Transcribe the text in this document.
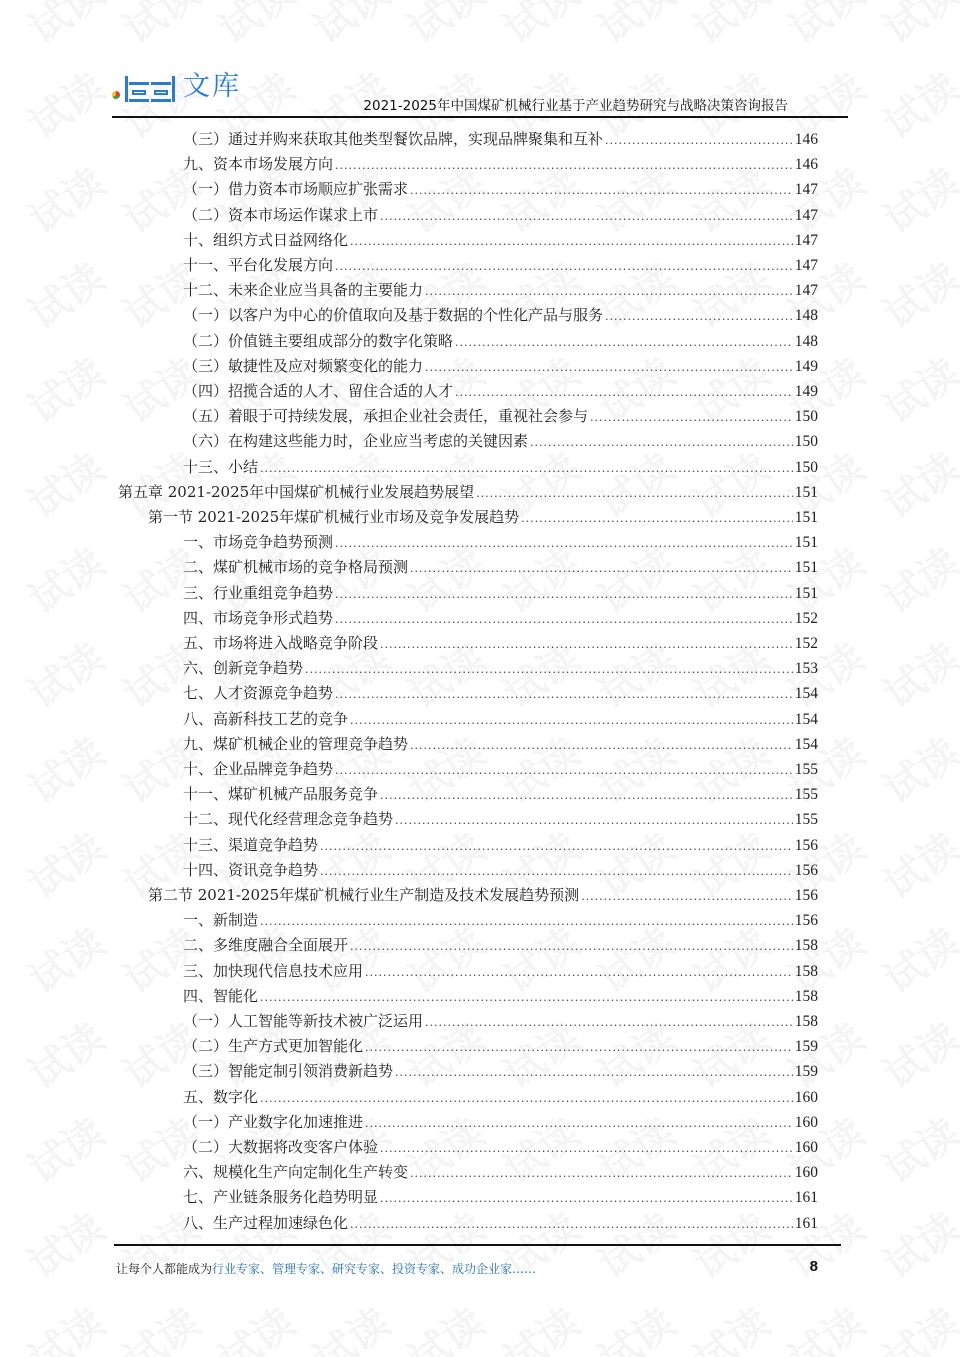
文库
2021-2025年中国煤矿机械行业基于产业趋势研究与战略决策咨询报告
（三）通过并购来获取其他类型餐饮品牌，实现品牌聚集和互补 .....	146
九、资本市场发展方向 .....	146
（一）借力资本市场顺应扩张需求 .....	147
（二）资本市场运作谋求上市 .....	147
十、组织方式日益网络化 .....	147
十一、平台化发展方向 .....	147
十二、未来企业应当具备的主要能力 .....	147
（一）以客户为中心的价值取向及基于数据的个性化产品与服务 .....	148
（二）价值链主要组成部分的数字化策略 .....	148
（三）敏捷性及应对频繁变化的能力 .....	149
（四）招揽合适的人才、留住合适的人才 .....	149
（五）着眼于可持续发展，承担企业社会责任，重视社会参与 .....	150
（六）在构建这些能力时，企业应当考虑的关键因素 .....	150
十三、小结 .....	150
第五章 2021-2025年中国煤矿机械行业发展趋势展望 .....	151
第一节 2021-2025年煤矿机械行业市场及竞争发展趋势 .....	151
一、市场竞争趋势预测 .....	151
二、煤矿机械市场的竞争格局预测 .....	151
三、行业重组竞争趋势 .....	151
四、市场竞争形式趋势 .....	152
五、市场将进入战略竞争阶段 .....	152
六、创新竞争趋势 .....	153
七、人才资源竞争趋势 .....	154
八、高新科技工艺的竞争 .....	154
九、煤矿机械企业的管理竞争趋势 .....	154
十、企业品牌竞争趋势 .....	155
十一、煤矿机械产品服务竞争 .....	155
十二、现代化经营理念竞争趋势 .....	155
十三、渠道竞争趋势 .....	156
十四、资讯竞争趋势 .....	156
第二节 2021-2025年煤矿机械行业生产制造及技术发展趋势预测 .....	156
一、新制造 .....	156
二、多维度融合全面展开 .....	158
三、加快现代信息技术应用 .....	158
四、智能化 .....	158
（一）人工智能等新技术被广泛运用 .....	158
（二）生产方式更加智能化 .....	159
（三）智能定制引领消费新趋势 .....	159
五、数字化 .....	160
（一）产业数字化加速推进 .....	160
（二）大数据将改变客户体验 .....	160
六、规模化生产向定制化生产转变 .....	160
七、产业链条服务化趋势明显 .....	161
八、生产过程加速绿色化 .....	161
让每个人都能成为行业专家、管理专家、研究专家、投资专家、成功企业家……	8
